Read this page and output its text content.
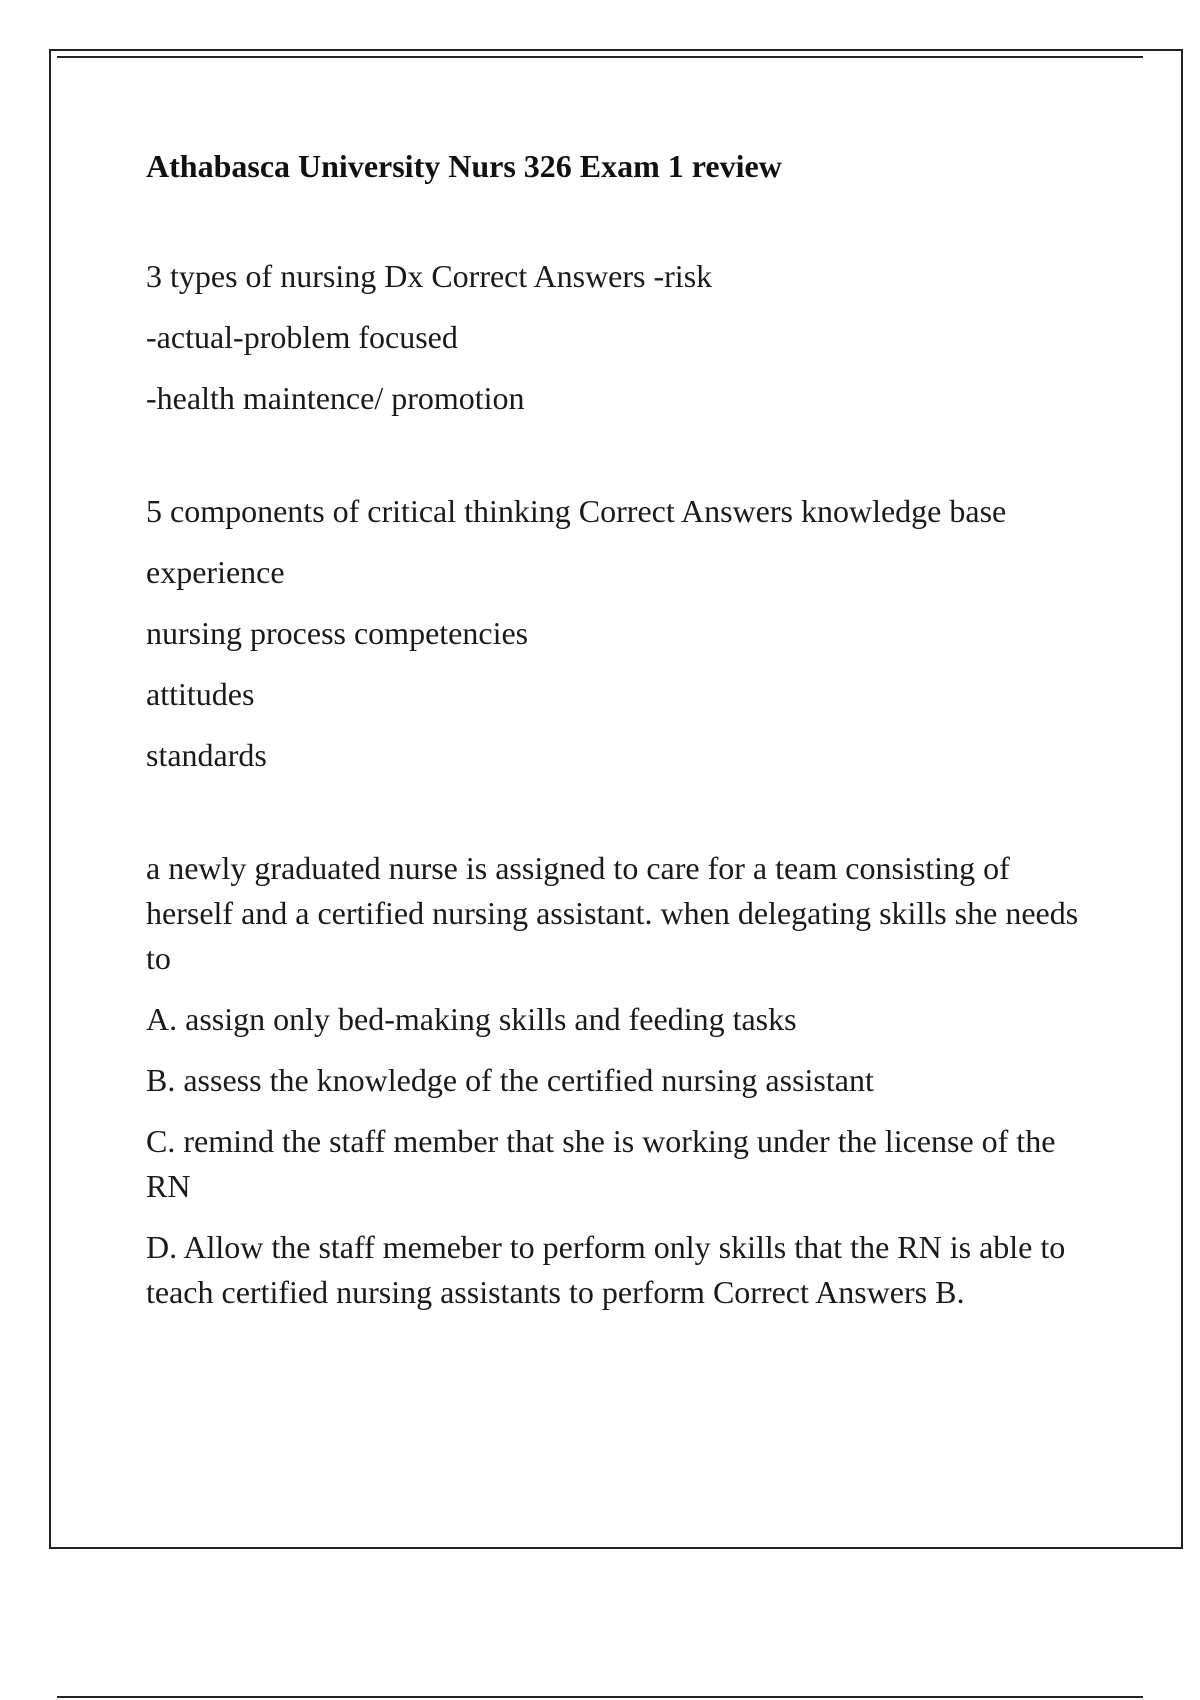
Athabasca University Nurs 326 Exam 1 review
3 types of nursing Dx Correct Answers -risk
-actual-problem focused
-health maintence/ promotion
5 components of critical thinking Correct Answers knowledge base
experience
nursing process competencies
attitudes
standards
a newly graduated nurse is assigned to care for a team consisting of herself and a certified nursing assistant. when delegating skills she needs to
A. assign only bed-making skills and feeding tasks
B. assess the knowledge of the certified nursing assistant
C. remind the staff member that she is working under the license of the RN
D. Allow the staff memeber to perform only skills that the RN is able to teach certified nursing assistants to perform Correct Answers B.
